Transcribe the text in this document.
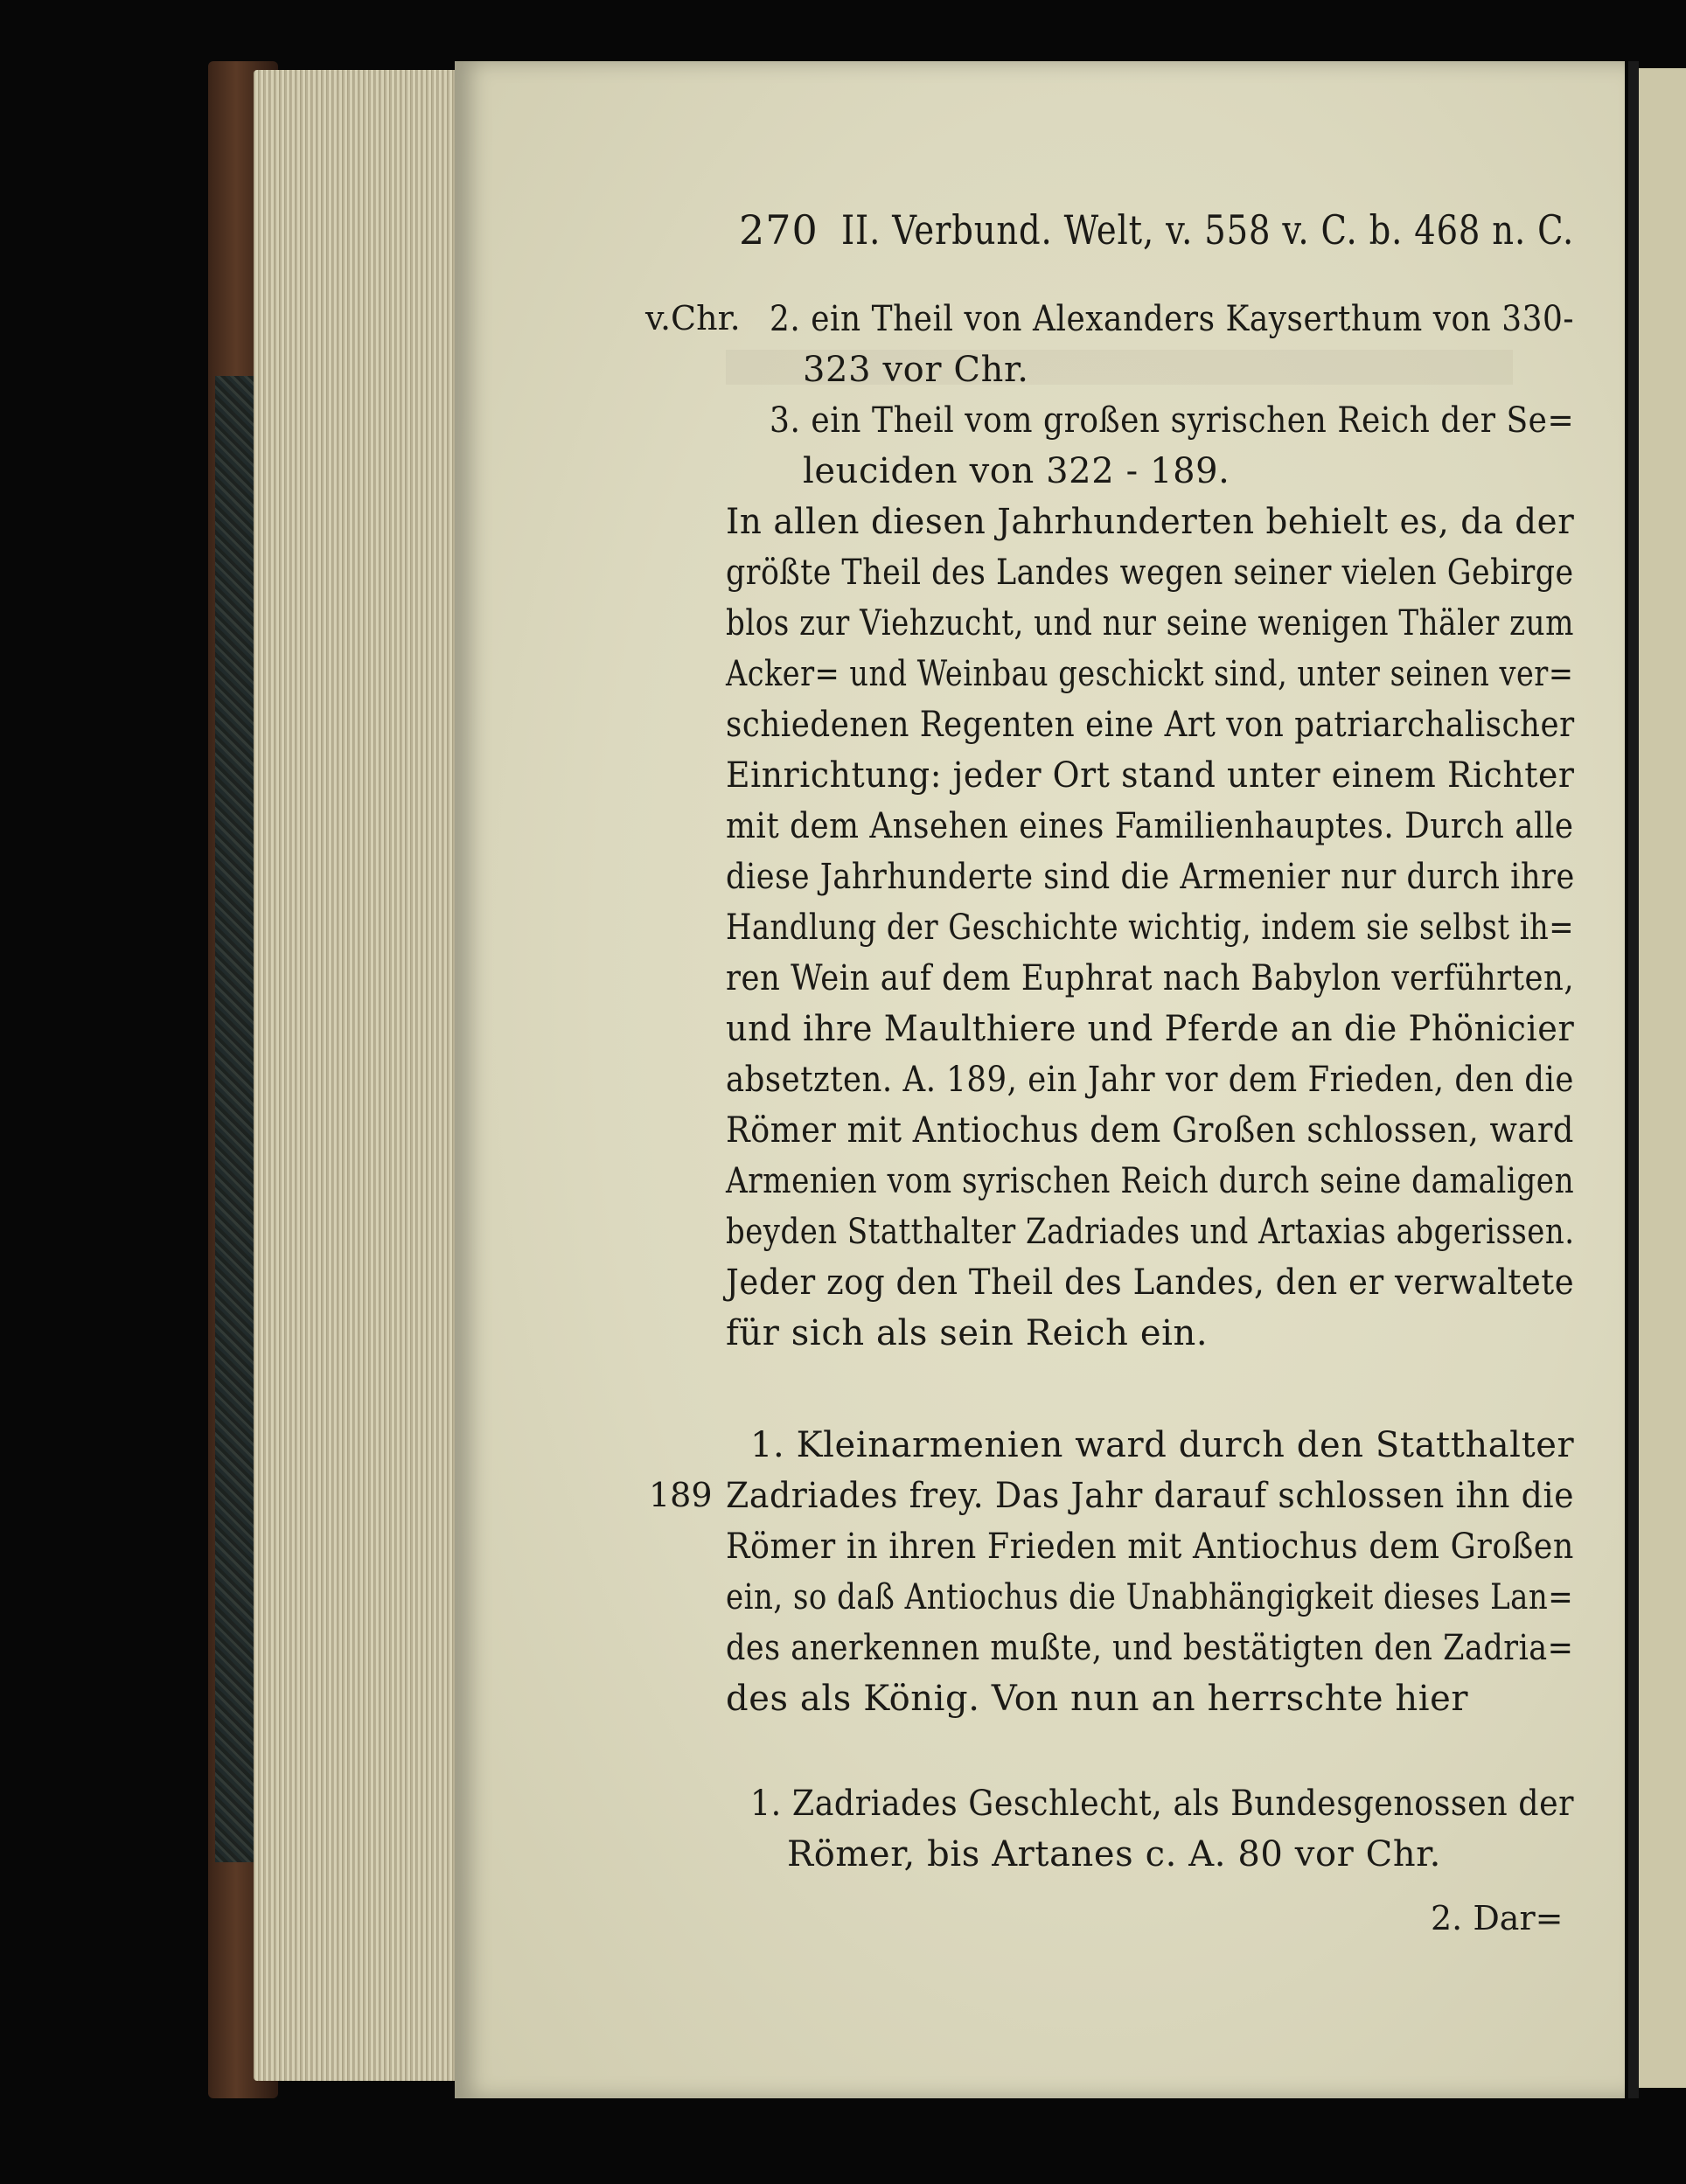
270 II. Verbund. Welt, v. 558 v. C. b. 468 n. C.
v.Chr.
189
2. ein Theil von Alexanders Kayserthum von 330-
323 vor Chr.
3. ein Theil vom großen syrischen Reich der Se=
leuciden von 322 - 189.
In allen diesen Jahrhunderten behielt es, da der
größte Theil des Landes wegen seiner vielen Gebirge
blos zur Viehzucht, und nur seine wenigen Thäler zum
Acker= und Weinbau geschickt sind, unter seinen ver=
schiedenen Regenten eine Art von patriarchalischer
Einrichtung: jeder Ort stand unter einem Richter
mit dem Ansehen eines Familienhauptes. Durch alle
diese Jahrhunderte sind die Armenier nur durch ihre
Handlung der Geschichte wichtig, indem sie selbst ih=
ren Wein auf dem Euphrat nach Babylon verführten,
und ihre Maulthiere und Pferde an die Phönicier
absetzten. A. 189, ein Jahr vor dem Frieden, den die
Römer mit Antiochus dem Großen schlossen, ward
Armenien vom syrischen Reich durch seine damaligen
beyden Statthalter Zadriades und Artaxias abgerissen.
Jeder zog den Theil des Landes, den er verwaltete
für sich als sein Reich ein.
1. Kleinarmenien ward durch den Statthalter
Zadriades frey. Das Jahr darauf schlossen ihn die
Römer in ihren Frieden mit Antiochus dem Großen
ein, so daß Antiochus die Unabhängigkeit dieses Lan=
des anerkennen mußte, und bestätigten den Zadria=
des als König. Von nun an herrschte hier
1. Zadriades Geschlecht, als Bundesgenossen der
Römer, bis Artanes c. A. 80 vor Chr.
2. Dar=
